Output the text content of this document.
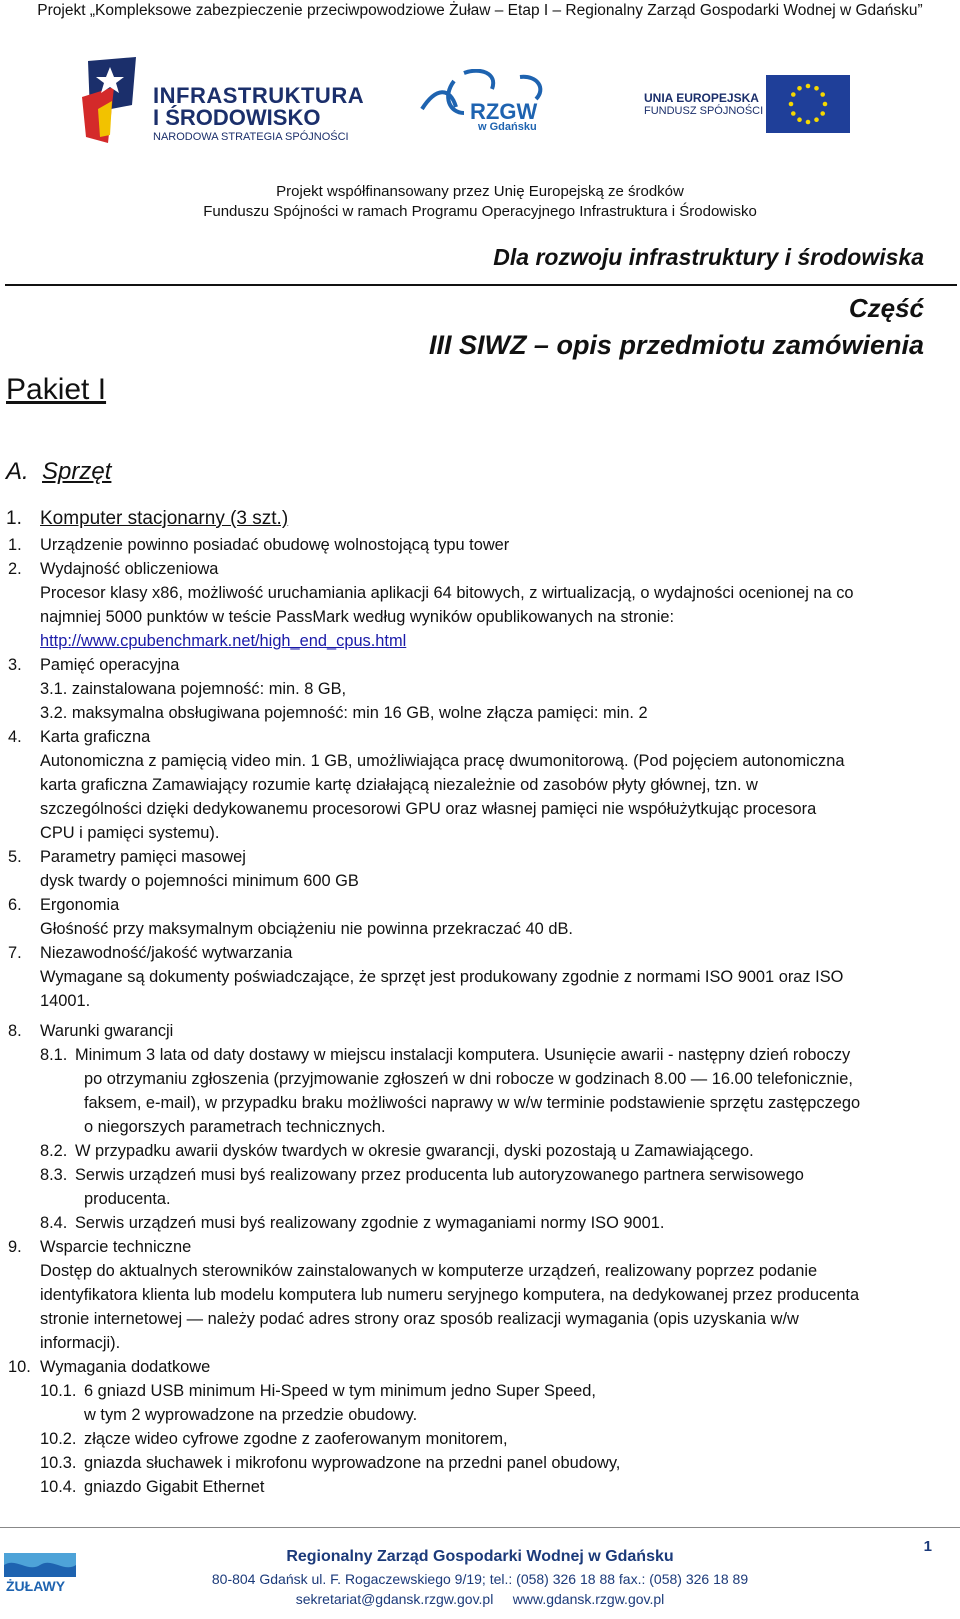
Projekt „Kompleksowe zabezpieczenie przeciwpowodziowe Żuław – Etap I – Regionalny Zarząd Gospodarki Wodnej w Gdańsku”
INFRASTRUKTURA
I ŚRODOWISKO
NARODOWA STRATEGIA SPÓJNOŚCI
RZGW
w Gdańsku
UNIA EUROPEJSKA
FUNDUSZ SPÓJNOŚCI
Projekt współfinansowany przez Unię Europejską ze środków
Funduszu Spójności w ramach Programu Operacyjnego Infrastruktura i Środowisko
Dla rozwoju infrastruktury i środowiska
Część
III SIWZ – opis przedmiotu zamówienia
Pakiet I
A. Sprzęt
1. Komputer stacjonarny (3 szt.)
1. Urządzenie powinno posiadać obudowę wolnostojącą typu tower
2. Wydajność obliczeniowa
Procesor klasy x86, możliwość uruchamiania aplikacji 64 bitowych, z wirtualizacją, o wydajności ocenionej na co
najmniej 5000 punktów w teście PassMark według wyników opublikowanych na stronie:
http://www.cpubenchmark.net/high_end_cpus.html
3. Pamięć operacyjna
3.1. zainstalowana pojemność: min. 8 GB,
3.2. maksymalna obsługiwana pojemność: min 16 GB, wolne złącza pamięci: min. 2
4. Karta graficzna
Autonomiczna z pamięcią video min. 1 GB, umożliwiająca pracę dwumonitorową. (Pod pojęciem autonomiczna
karta graficzna Zamawiający rozumie kartę działającą niezależnie od zasobów płyty głównej, tzn. w
szczególności dzięki dedykowanemu procesorowi GPU oraz własnej pamięci nie współużytkując procesora
CPU i pamięci systemu).
5. Parametry pamięci masowej
dysk twardy o pojemności minimum 600 GB
6. Ergonomia
Głośność przy maksymalnym obciążeniu nie powinna przekraczać 40 dB.
7. Niezawodność/jakość wytwarzania
Wymagane są dokumenty poświadczające, że sprzęt jest produkowany zgodnie z normami ISO 9001 oraz ISO
14001.
8. Warunki gwarancji
8.1. Minimum 3 lata od daty dostawy w miejscu instalacji komputera. Usunięcie awarii - następny dzień roboczy
po otrzymaniu zgłoszenia (przyjmowanie zgłoszeń w dni robocze w godzinach 8.00 — 16.00 telefonicznie,
faksem, e-mail), w przypadku braku możliwości naprawy w w/w terminie podstawienie sprzętu zastępczego
o niegorszych parametrach technicznych.
8.2. W przypadku awarii dysków twardych w okresie gwarancji, dyski pozostają u Zamawiającego.
8.3. Serwis urządzeń musi byś realizowany przez producenta lub autoryzowanego partnera serwisowego
producenta.
8.4. Serwis urządzeń musi byś realizowany zgodnie z wymaganiami normy ISO 9001.
9. Wsparcie techniczne
Dostęp do aktualnych sterowników zainstalowanych w komputerze urządzeń, realizowany poprzez podanie
identyfikatora klienta lub modelu komputera lub numeru seryjnego komputera, na dedykowanej przez producenta
stronie internetowej — należy podać adres strony oraz sposób realizacji wymagania (opis uzyskania w/w
informacji).
10. Wymagania dodatkowe
10.1. 6 gniazd USB minimum Hi-Speed w tym minimum jedno Super Speed,
w tym 2 wyprowadzone na przedzie obudowy.
10.2. złącze wideo cyfrowe zgodne z zaoferowanym monitorem,
10.3. gniazda słuchawek i mikrofonu wyprowadzone na przedni panel obudowy,
10.4. gniazdo Gigabit Ethernet
1
ŻUŁAWY
Regionalny Zarząd Gospodarki Wodnej w Gdańsku
80-804 Gdańsk ul. F. Rogaczewskiego 9/19; tel.: (058) 326 18 88 fax.: (058) 326 18 89
sekretariat@gdansk.rzgw.gov.pl www.gdansk.rzgw.gov.pl
